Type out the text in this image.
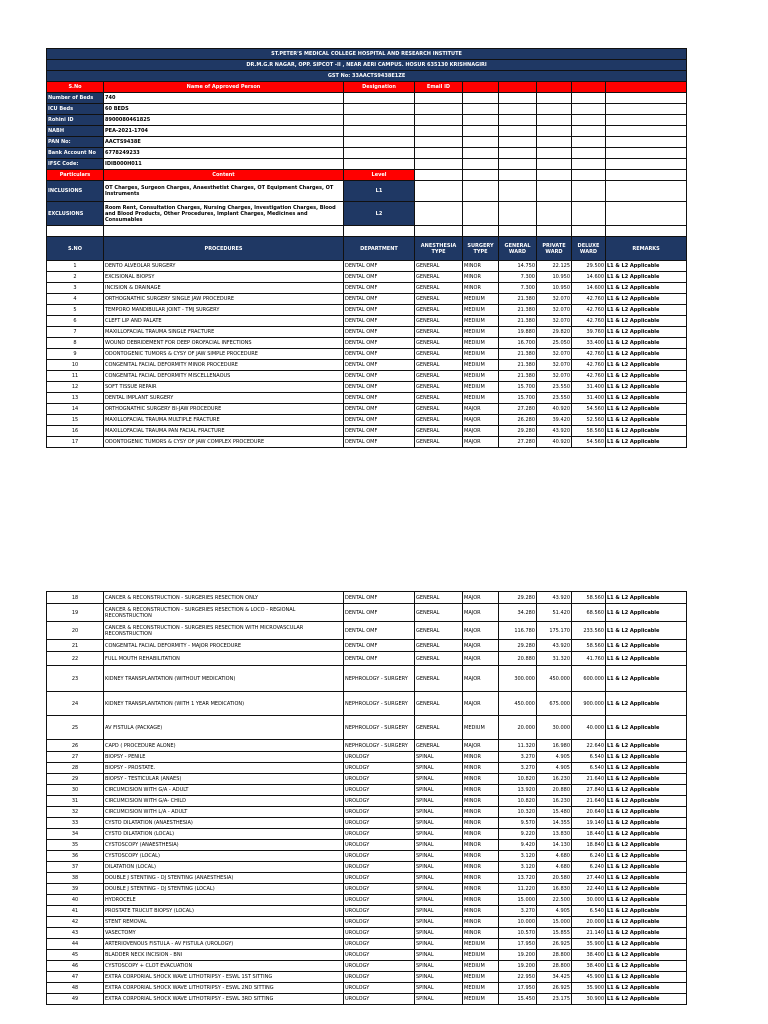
ST.PETER'S MEDICAL COLLEGE HOSPITAL AND RESEARCH INSTITUTE								
DR.M.G.R NAGAR, OPP. SIPCOT -II , NEAR AERI CAMPUS. HOSUR 635130 KRISHNAGIRI								
GST No: 33AACTS9438E1ZE								
S.No	Name of Approved Person	Designation	Email ID					
Number of Beds	740							
ICU Beds	60 BEDS							
Rohini ID	8900080461825							
NABH	PEA-2021-1704							
PAN No:	AACTS9438E							
Bank Account No	6778249233							
IFSC Code:	IDIB000H011							
Particulars	Content	Level						
INCLUSIONS	OT Charges, Surgeon Charges, Anaesthetist Charges, OT Equipment Charges, OT Instruments	L1						
EXCLUSIONS	Room Rent, Consultation Charges, Nursing Charges, Investigation Charges, Blood and Blood Products, Other Procedures, Implant Charges, Medicines and Consumables	L2						

S.NO	PROCEDURES	DEPARTMENT	ANESTHESIA TYPE	SURGERY TYPE	GENERAL WARD	PRIVATE WARD	DELUXE WARD	REMARKS
1	DENTO ALVEOLAR SURGERY	DENTAL OMF	GENERAL	MINOR	14.750	22.125	29.500	L1 & L2 Applicable
2	EXCISIONAL BIOPSY	DENTAL OMF	GENERAL	MINOR	7.300	10.950	14.600	L1 & L2 Applicable
3	INCISION & DRAINAGE	DENTAL OMF	GENERAL	MINOR	7.300	10.950	14.600	L1 & L2 Applicable
4	ORTHOGNATHIC SURGERY SINGLE JAW PROCEDURE	DENTAL OMF	GENERAL	MEDIUM	21.380	32.070	42.760	L1 & L2 Applicable
5	TEMPORO MANDIBULAR JOINT - TMJ SURGERY	DENTAL OMF	GENERAL	MEDIUM	21.380	32.070	42.760	L1 & L2 Applicable
6	CLEFT LIP AND PALATE	DENTAL OMF	GENERAL	MEDIUM	21.380	32.070	42.760	L1 & L2 Applicable
7	MAXILLOFACIAL TRAUMA SINGLE FRACTURE	DENTAL OMF	GENERAL	MEDIUM	19.880	29.820	39.760	L1 & L2 Applicable
8	WOUND DEBRIDEMENT FOR DEEP OROFACIAL INFECTIONS	DENTAL OMF	GENERAL	MEDIUM	16.700	25.050	33.400	L1 & L2 Applicable
9	ODONTOGENIC TUMORS & CYSY OF JAW SIMPLE PROCEDURE	DENTAL OMF	GENERAL	MEDIUM	21.380	32.070	42.760	L1 & L2 Applicable
10	CONGENITAL FACIAL DEFORMITY MINOR PROCEDURE	DENTAL OMF	GENERAL	MEDIUM	21.380	32.070	42.760	L1 & L2 Applicable
11	CONGENITAL FACIAL DEFORMITY MISCELLENAOUS	DENTAL OMF	GENERAL	MEDIUM	21.380	32.070	42.760	L1 & L2 Applicable
12	SOFT TISSUE REPAIR	DENTAL OMF	GENERAL	MEDIUM	15.700	23.550	31.400	L1 & L2 Applicable
13	DENTAL IMPLANT SURGERY	DENTAL OMF	GENERAL	MEDIUM	15.700	23.550	31.400	L1 & L2 Applicable
14	ORTHOGNATHIC SURGERY BI-JAW PROCEDURE	DENTAL OMF	GENERAL	MAJOR	27.280	40.920	54.560	L1 & L2 Applicable
15	MAXILLOFACIAL TRAUMA MULTIPLE FRACTURE	DENTAL OMF	GENERAL	MAJOR	26.280	39.420	52.560	L1 & L2 Applicable
16	MAXILLOFACIAL TRAUMA PAN FACIAL FRACTURE	DENTAL OMF	GENERAL	MAJOR	29.280	43.920	58.560	L1 & L2 Applicable
17	ODONTOGENIC TUMORS & CYSY OF JAW COMPLEX PROCEDURE	DENTAL OMF	GENERAL	MAJOR	27.280	40.920	54.560	L1 & L2 Applicable
18	CANCER & RECONSTRUCTION - SURGERIES RESECTION ONLY	DENTAL OMF	GENERAL	MAJOR	29.280	43.920	58.560	L1 & L2 Applicable
19	CANCER & RECONSTRUCTION - SURGERIES RESECTION & LOCO - REGIONAL RECONSTRUCTION	DENTAL OMF	GENERAL	MAJOR	34.280	51.420	68.560	L1 & L2 Applicable
20	CANCER & RECONSTRUCTION - SURGERIES RESECTION WITH MICROVASCULAR RECONSTRUCTION	DENTAL OMF	GENERAL	MAJOR	116.780	175.170	233.560	L1 & L2 Applicable
21	CONGENITAL FACIAL DEFORMITY - MAJOR PROCEDURE	DENTAL OMF	GENERAL	MAJOR	29.280	43.920	58.560	L1 & L2 Applicable
22	FULL MOUTH REHABILITATION	DENTAL OMF	GENERAL	MAJOR	20.880	31.320	41.760	L1 & L2 Applicable
23	KIDNEY TRANSPLANTATION (WITHOUT MEDICATION)	NEPHROLOGY - SURGERY	GENERAL	MAJOR	300.000	450.000	600.000	L1 & L2 Applicable
24	KIDNEY TRANSPLANTATION (WITH 1 YEAR MEDICATION)	NEPHROLOGY - SURGERY	GENERAL	MAJOR	450.000	675.000	900.000	L1 & L2 Applicable
25	AV FISTULA (PACKAGE)	NEPHROLOGY - SURGERY	GENERAL	MEDIUM	20.000	30.000	40.000	L1 & L2 Applicable
26	CAPD ( PROCEDURE ALONE)	NEPHROLOGY - SURGERY	GENERAL	MAJOR	11.320	16.980	22.640	L1 & L2 Applicable
27	BIOPSY - PENILE	UROLOGY	SPINAL	MINOR	3.270	4.905	6.540	L1 & L2 Applicable
28	BIOPSY - PROSTATE.	UROLOGY	SPINAL	MINOR	3.270	4.905	6.540	L1 & L2 Applicable
29	BIOPSY - TESTICULAR (ANAES)	UROLOGY	SPINAL	MINOR	10.820	16.230	21.640	L1 & L2 Applicable
30	CIRCUMCISION WITH G/A - ADULT	UROLOGY	SPINAL	MINOR	13.920	20.880	27.840	L1 & L2 Applicable
31	CIRCUMCISION WITH G/A- CHILD	UROLOGY	SPINAL	MINOR	10.820	16.230	21.640	L1 & L2 Applicable
32	CIRCUMCISION WITH L/A - ADULT	UROLOGY	SPINAL	MINOR	10.320	15.480	20.640	L1 & L2 Applicable
33	CYSTO DILATATION (ANAESTHESIA)	UROLOGY	SPINAL	MINOR	9.570	14.355	19.140	L1 & L2 Applicable
34	CYSTO DILATATION (LOCAL)	UROLOGY	SPINAL	MINOR	9.220	13.830	18.440	L1 & L2 Applicable
35	CYSTOSCOPY (ANAESTHESIA)	UROLOGY	SPINAL	MINOR	9.420	14.130	18.840	L1 & L2 Applicable
36	CYSTOSCOPY (LOCAL)	UROLOGY	SPINAL	MINOR	3.120	4.680	6.240	L1 & L2 Applicable
37	DILATATION (LOCAL)	UROLOGY	SPINAL	MINOR	3.120	4.680	6.240	L1 & L2 Applicable
38	DOUBLE J STENTING - DJ STENTING (ANAESTHESIA)	UROLOGY	SPINAL	MINOR	13.720	20.580	27.440	L1 & L2 Applicable
39	DOUBLE J STENTING - DJ STENTING (LOCAL)	UROLOGY	SPINAL	MINOR	11.220	16.830	22.440	L1 & L2 Applicable
40	HYDROCELE	UROLOGY	SPINAL	MINOR	15.000	22.500	30.000	L1 & L2 Applicable
41	PROSTATE TRUCUT BIOPSY (LOCAL)	UROLOGY	SPINAL	MINOR	3.270	4.905	6.540	L1 & L2 Applicable
42	STENT REMOVAL	UROLOGY	SPINAL	MINOR	10.000	15.000	20.000	L1 & L2 Applicable
43	VASECTOMY	UROLOGY	SPINAL	MINOR	10.570	15.855	21.140	L1 & L2 Applicable
44	ARTERIOVENOUS FISTULA - AV FISTULA (UROLOGY)	UROLOGY	SPINAL	MEDIUM	17.950	26.925	35.900	L1 & L2 Applicable
45	BLADDER NECK INCISION - BNI	UROLOGY	SPINAL	MEDIUM	19.200	28.800	38.400	L1 & L2 Applicable
46	CYSTOSCOPY + CLOT EVACUATION	UROLOGY	SPINAL	MEDIUM	19.200	28.800	38.400	L1 & L2 Applicable
47	EXTRA CORPORIAL SHOCK WAVE LITHOTRIPSY - ESWL 1ST SITTING	UROLOGY	SPINAL	MEDIUM	22.950	34.425	45.900	L1 & L2 Applicable
48	EXTRA CORPORIAL SHOCK WAVE LITHOTRIPSY - ESWL 2ND SITTING	UROLOGY	SPINAL	MEDIUM	17.950	26.925	35.900	L1 & L2 Applicable
49	EXTRA CORPORIAL SHOCK WAVE LITHOTRIPSY - ESWL 3RD SITTING	UROLOGY	SPINAL	MEDIUM	15.450	23.175	30.900	L1 & L2 Applicable
